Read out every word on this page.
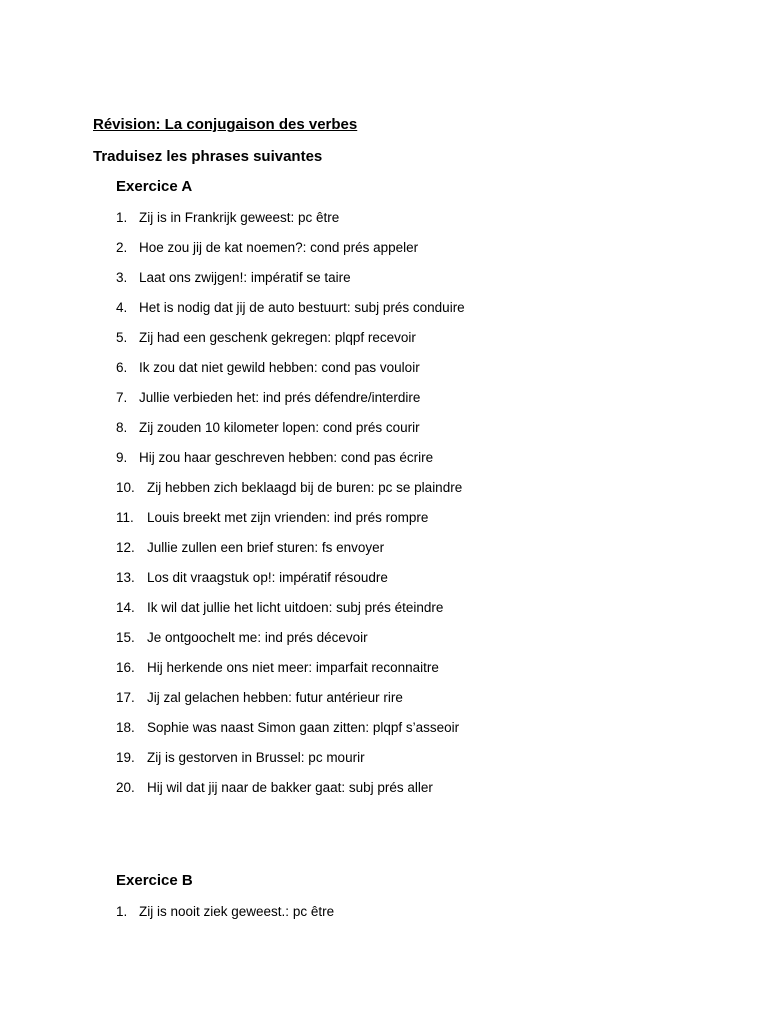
Révision: La conjugaison des verbes
Traduisez les phrases suivantes
Exercice A
1. Zij is in Frankrijk geweest: pc être
2. Hoe zou jij de kat noemen?: cond prés appeler
3. Laat ons zwijgen!: impératif se taire
4. Het is nodig dat jij de auto bestuurt: subj prés conduire
5. Zij had een geschenk gekregen: plqpf recevoir
6. Ik zou dat niet gewild hebben: cond pas vouloir
7. Jullie verbieden het: ind prés défendre/interdire
8. Zij zouden 10 kilometer lopen: cond prés courir
9. Hij zou haar geschreven hebben: cond pas écrire
10. Zij hebben zich beklaagd bij de buren: pc se plaindre
11. Louis breekt met zijn vrienden: ind prés rompre
12. Jullie zullen een brief sturen: fs envoyer
13. Los dit vraagstuk op!: impératif résoudre
14. Ik wil dat jullie het licht uitdoen: subj prés éteindre
15. Je ontgoochelt me: ind prés décevoir
16. Hij herkende ons niet meer: imparfait reconnaitre
17. Jij zal gelachen hebben: futur antérieur rire
18. Sophie was naast Simon gaan zitten: plqpf s’asseoir
19. Zij is gestorven in Brussel: pc mourir
20. Hij wil dat jij naar de bakker gaat: subj prés aller
Exercice B
1. Zij is nooit ziek geweest.: pc être
